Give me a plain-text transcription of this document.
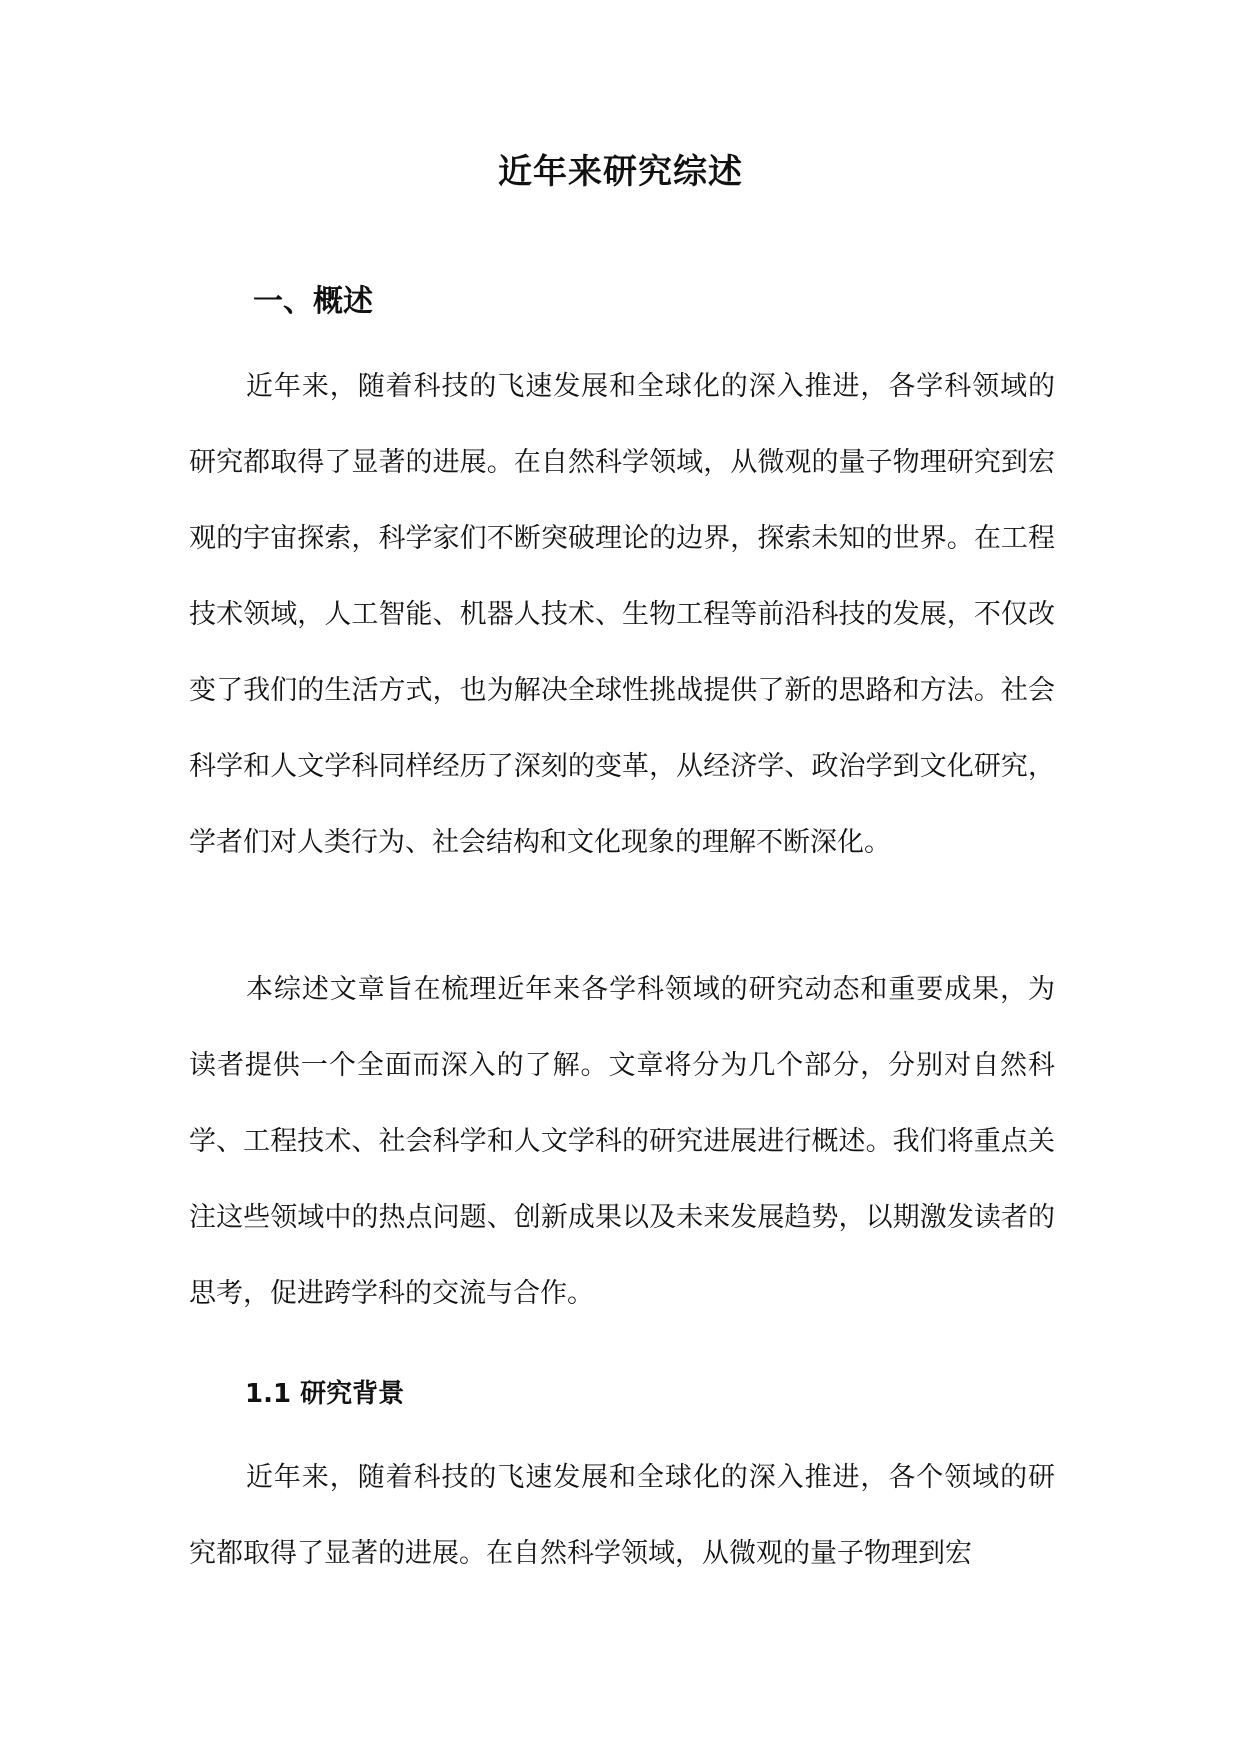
近年来研究综述
一、概述

近年来，随着科技的飞速发展和全球化的深入推进，各学科领域的研究都取得了显著的进展。在自然科学领域，从微观的量子物理研究到宏观的宇宙探索，科学家们不断突破理论的边界，探索未知的世界。在工程技术领域，人工智能、机器人技术、生物工程等前沿科技的发展，不仅改变了我们的生活方式，也为解决全球性挑战提供了新的思路和方法。社会科学和人文学科同样经历了深刻的变革，从经济学、政治学到文化研究，学者们对人类行为、社会结构和文化现象的理解不断深化。

本综述文章旨在梳理近年来各学科领域的研究动态和重要成果，为读者提供一个全面而深入的了解。文章将分为几个部分，分别对自然科学、工程技术、社会科学和人文学科的研究进展进行概述。我们将重点关注这些领域中的热点问题、创新成果以及未来发展趋势，以期激发读者的思考，促进跨学科的交流与合作。

1.1 研究背景

近年来，随着科技的飞速发展和全球化的深入推进，各个领域的研究都取得了显著的进展。在自然科学领域，从微观的量子物理到宏
